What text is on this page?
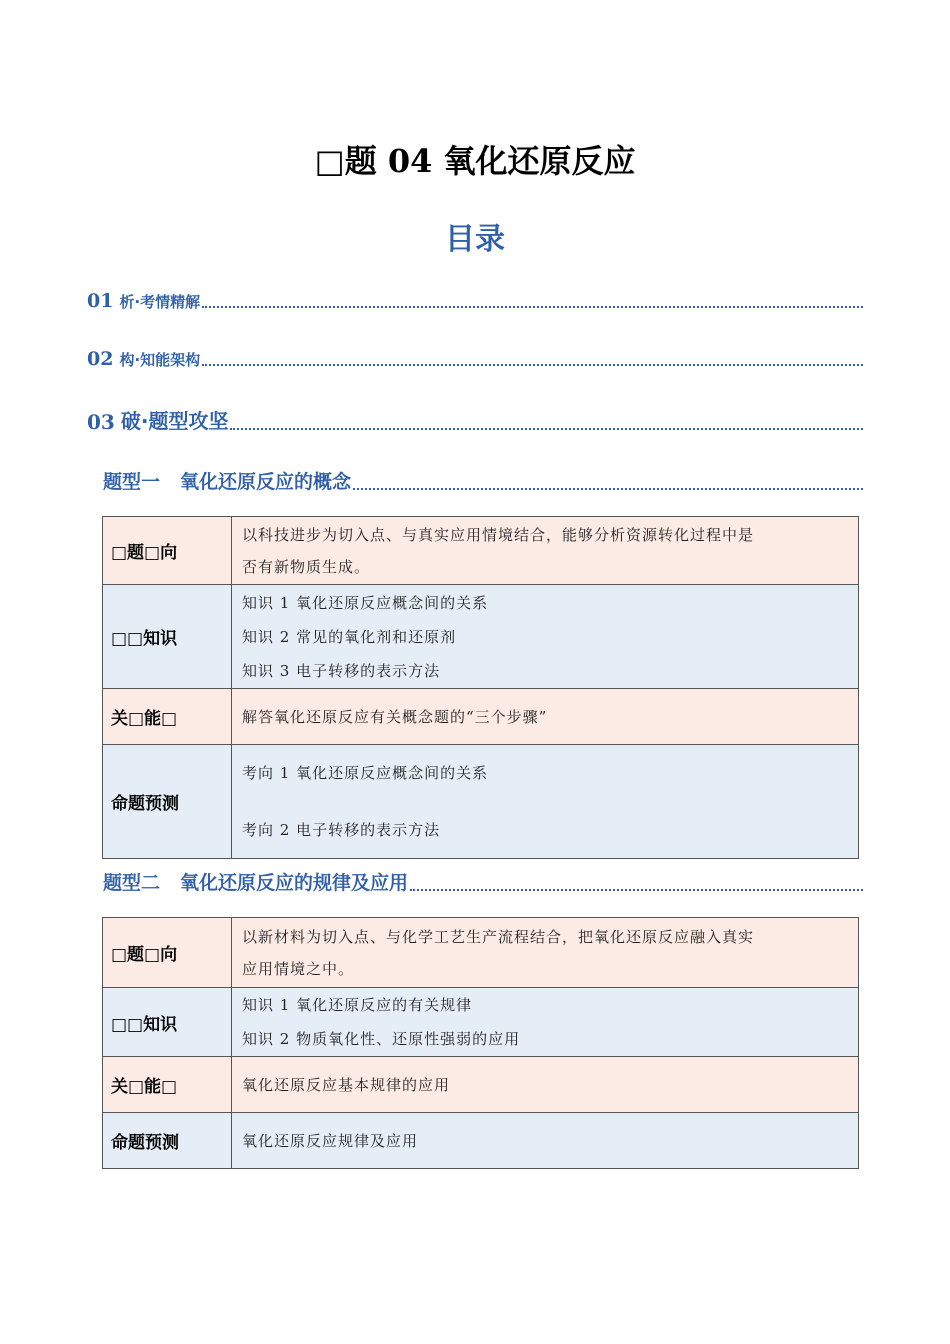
□题 04 氧化还原反应
目录
01 析·考情精解
02 构·知能架构
03 破·题型攻坚
题型一 氧化还原反应的概念
□题□向	以科技进步为切入点、与真实应用情境结合，能够分析资源转化过程中是
否有新物质生成。

□□知识	知识 1 氧化还原反应概念间的关系
知识 2 常见的氧化剂和还原剂
知识 3 电子转移的表示方法

关□能□	解答氧化还原反应有关概念题的“三个步骤”

命题预测	考向 1 氧化还原反应概念间的关系
考向 2 电子转移的表示方法
题型二 氧化还原反应的规律及应用
□题□向	以新材料为切入点、与化学工艺生产流程结合，把氧化还原反应融入真实
应用情境之中。

□□知识	知识 1 氧化还原反应的有关规律
知识 2 物质氧化性、还原性强弱的应用

关□能□	氧化还原反应基本规律的应用

命题预测	氧化还原反应规律及应用
